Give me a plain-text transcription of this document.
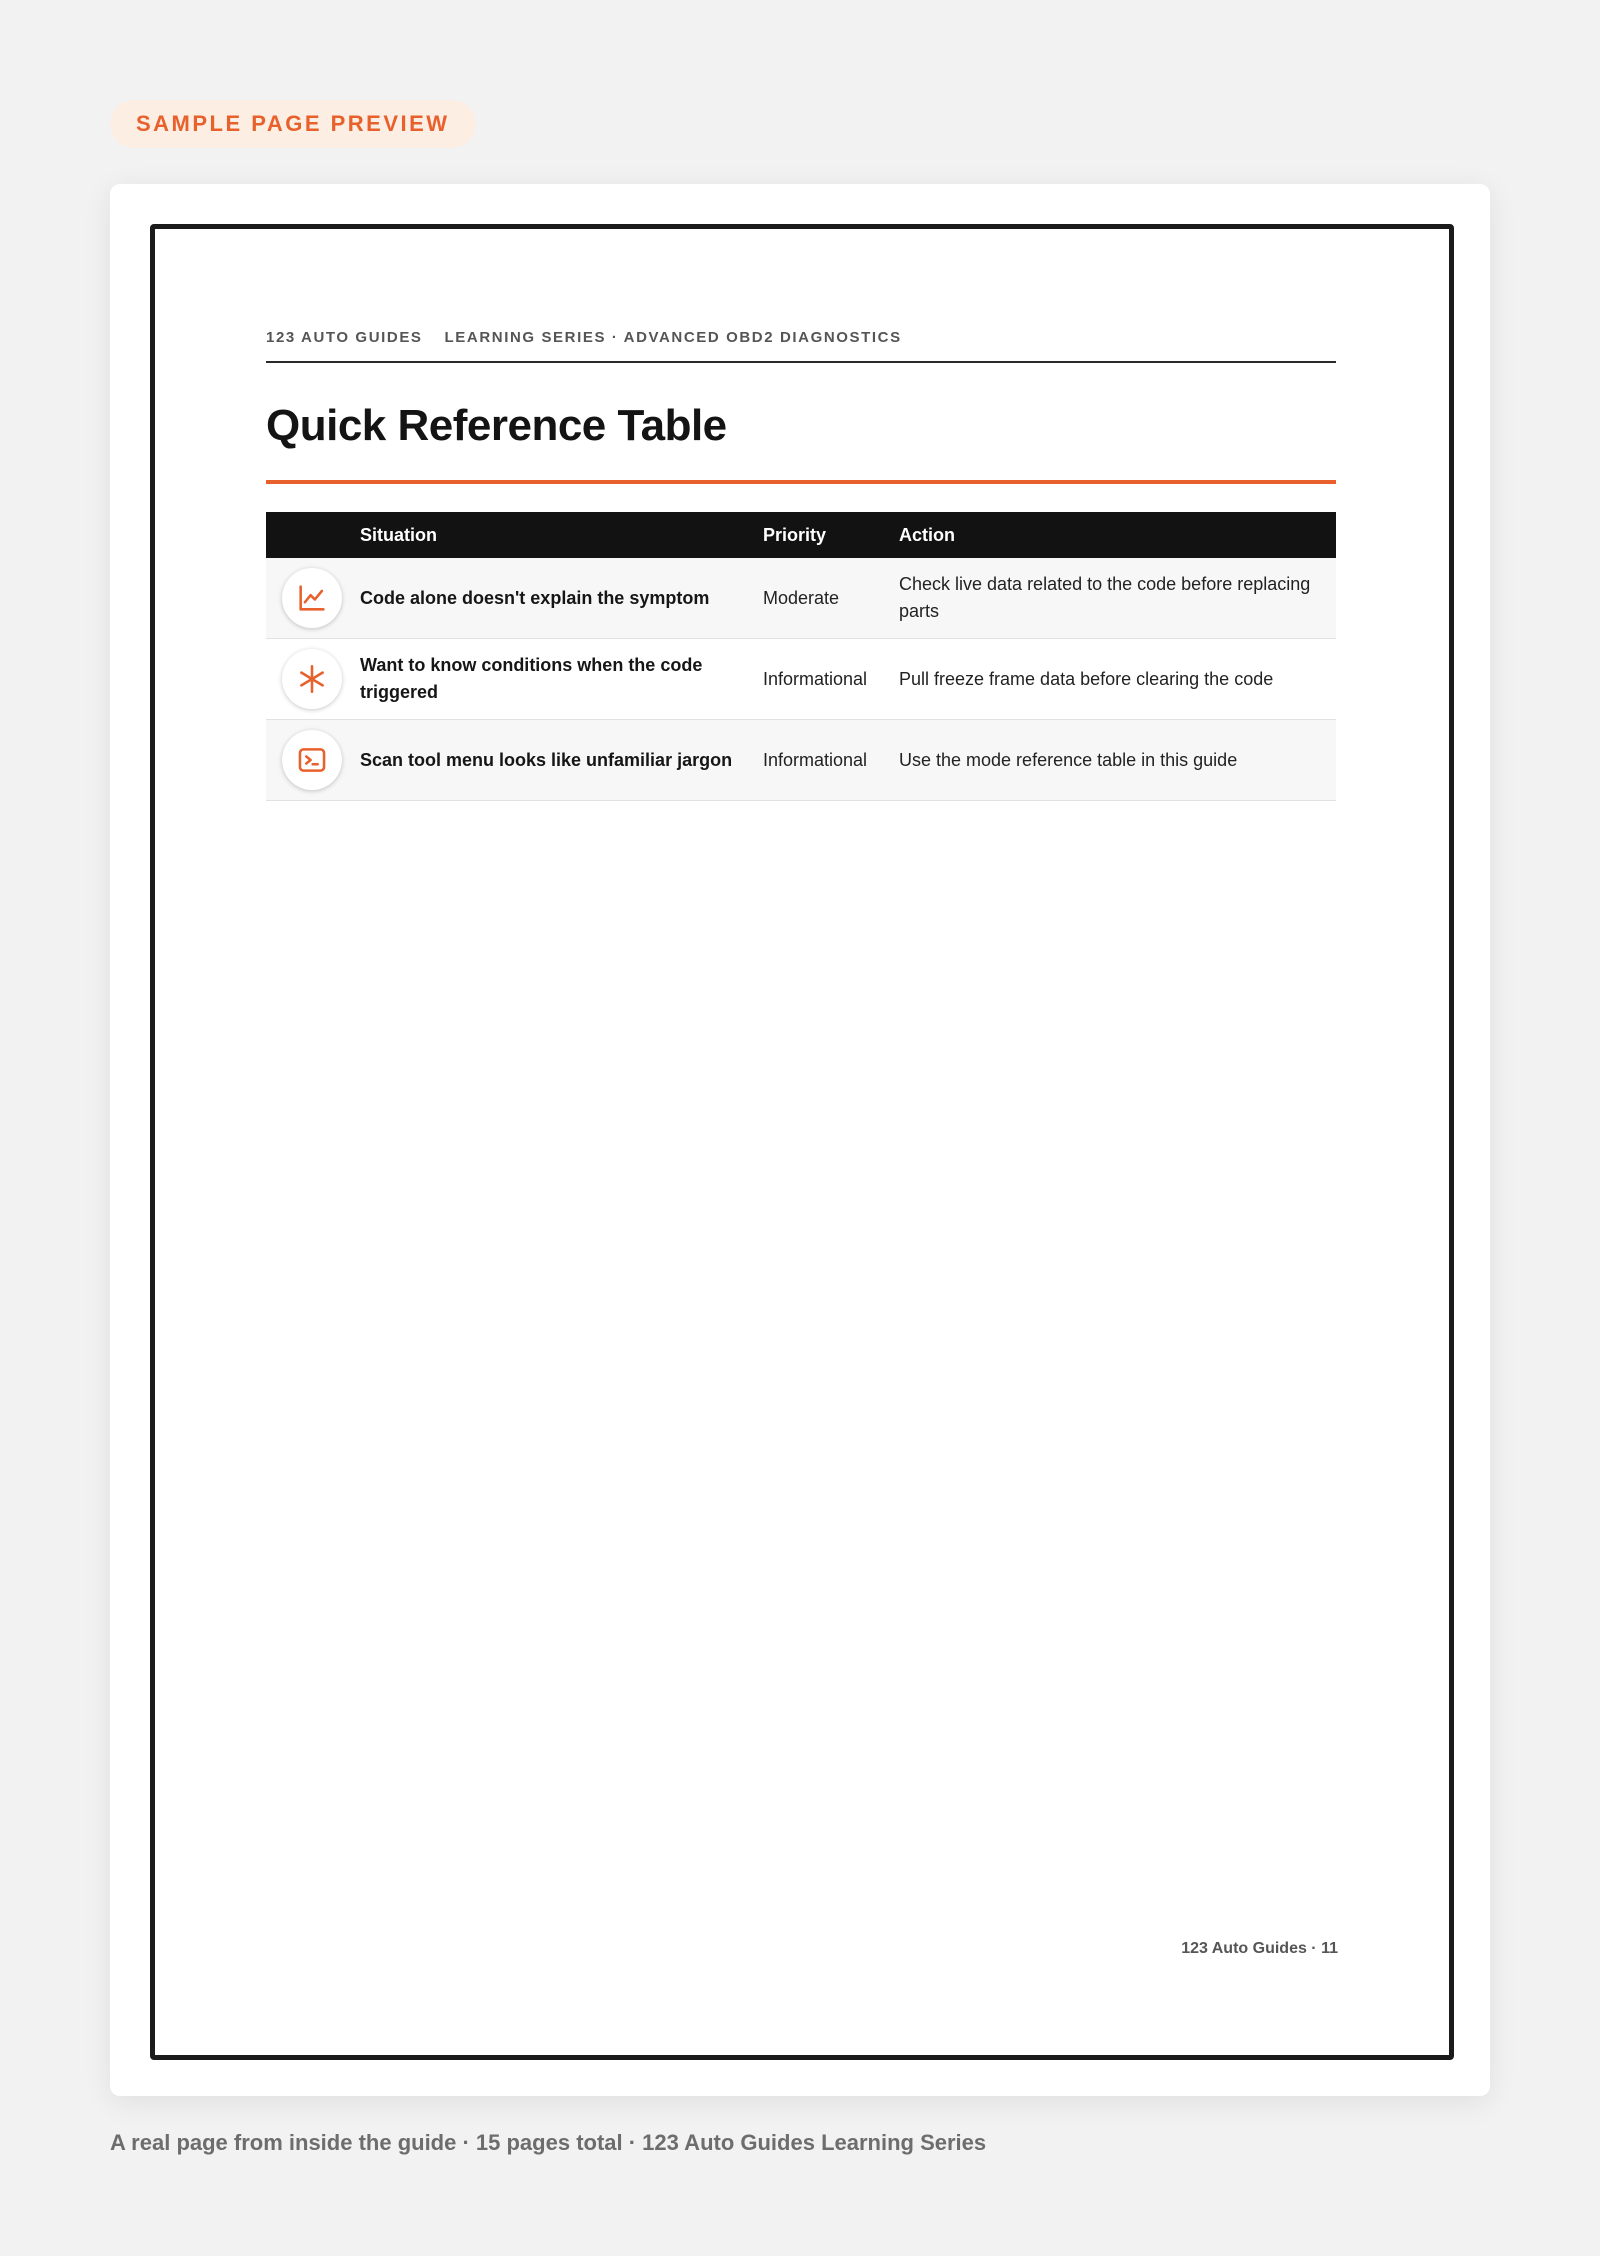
SAMPLE PAGE PREVIEW
123 AUTO GUIDES LEARNING SERIES · ADVANCED OBD2 DIAGNOSTICS
Quick Reference Table
	Situation	Priority	Action

	Code alone doesn't explain the symptom	Moderate	Check live data related to the code before replacing parts

	Want to know conditions when the code triggered	Informational	Pull freeze frame data before clearing the code

	Scan tool menu looks like unfamiliar jargon	Informational	Use the mode reference table in this guide
123 Auto Guides · 11
A real page from inside the guide · 15 pages total · 123 Auto Guides Learning Series
